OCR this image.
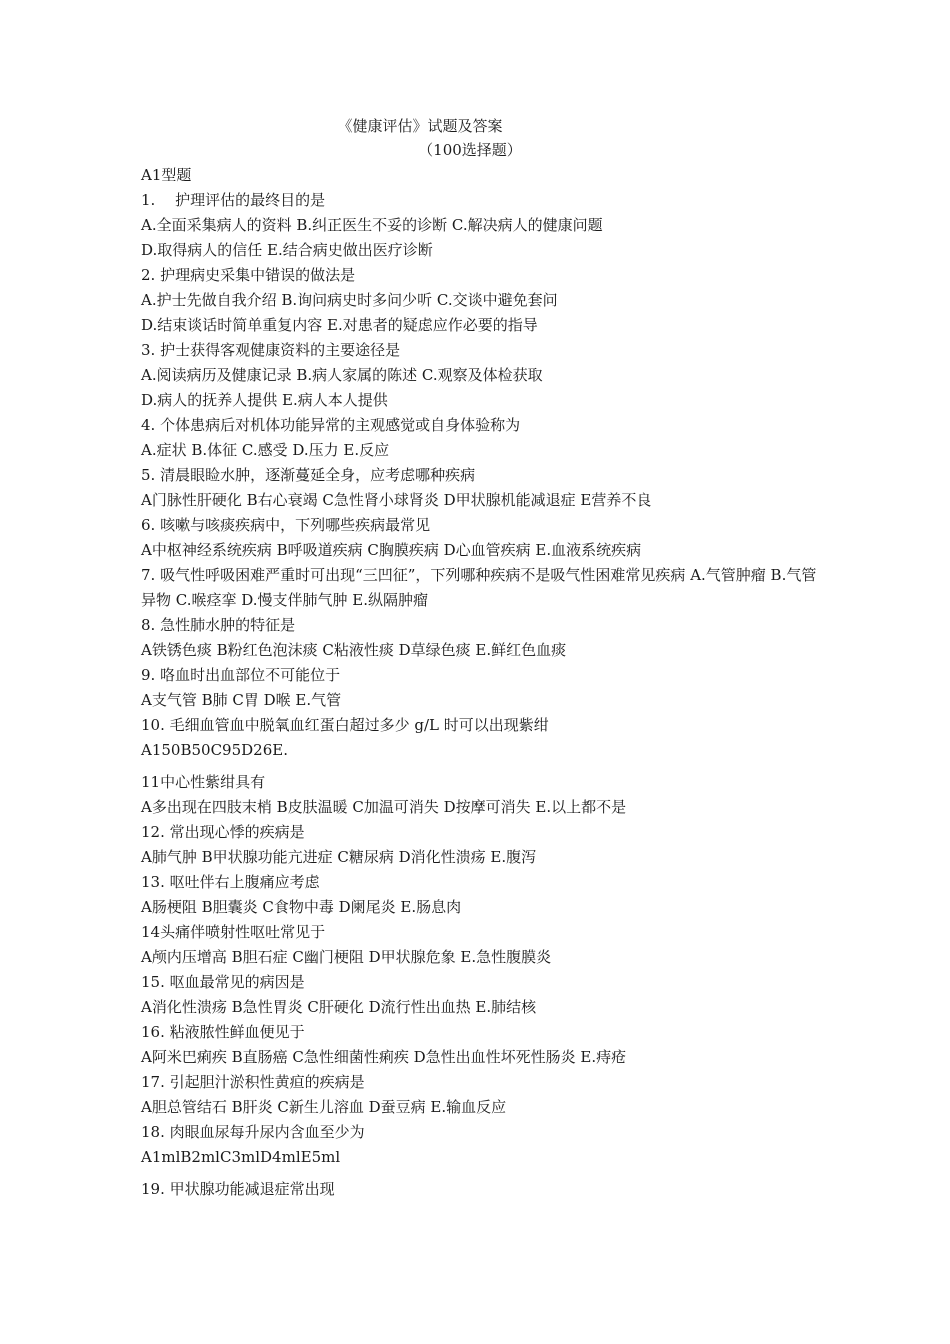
《健康评估》试题及答案
（100选择题）
A1型题
1.　 护理评估的最终目的是
A.全面采集病人的资料 B.纠正医生不妥的诊断 C.解决病人的健康问题
D.取得病人的信任 E.结合病史做出医疗诊断
2. 护理病史采集中错误的做法是
A.护士先做自我介绍 B.询问病史时多问少听 C.交谈中避免套问
D.结束谈话时简单重复内容 E.对患者的疑虑应作必要的指导
3. 护士获得客观健康资料的主要途径是
A.阅读病历及健康记录 B.病人家属的陈述 C.观察及体检获取
D.病人的抚养人提供 E.病人本人提供
4. 个体患病后对机体功能异常的主观感觉或自身体验称为
A.症状 B.体征 C.感受 D.压力 E.反应
5. 清晨眼睑水肿，逐渐蔓延全身，应考虑哪种疾病
A门脉性肝硬化 B右心衰竭 C急性肾小球肾炎 D甲状腺机能减退症 E营养不良
6. 咳嗽与咳痰疾病中，下列哪些疾病最常见
A中枢神经系统疾病 B呼吸道疾病 C胸膜疾病 D心血管疾病 E.血液系统疾病
7. 吸气性呼吸困难严重时可出现“三凹征”，下列哪种疾病不是吸气性困难常见疾病 A.气管肿瘤 B.气管异物 C.喉痉挛 D.慢支伴肺气肿 E.纵隔肿瘤
8. 急性肺水肿的特征是
A铁锈色痰 B粉红色泡沫痰 C粘液性痰 D草绿色痰 E.鲜红色血痰
9. 咯血时出血部位不可能位于
A支气管 B肺 C胃 D喉 E.气管
10. 毛细血管血中脱氧血红蛋白超过多少 g/L 时可以出现紫绀
A150B50C95D26E.
11中心性紫绀具有
A多出现在四肢末梢 B皮肤温暖 C加温可消失 D按摩可消失 E.以上都不是
12. 常出现心悸的疾病是
A肺气肿 B甲状腺功能亢进症 C糖尿病 D消化性溃疡 E.腹泻
13. 呕吐伴右上腹痛应考虑
A肠梗阻 B胆囊炎 C食物中毒 D阑尾炎 E.肠息肉
14头痛伴喷射性呕吐常见于
A颅内压增高 B胆石症 C幽门梗阻 D甲状腺危象 E.急性腹膜炎
15. 呕血最常见的病因是
A消化性溃疡 B急性胃炎 C肝硬化 D流行性出血热 E.肺结核
16. 粘液脓性鲜血便见于
A阿米巴痢疾 B直肠癌 C急性细菌性痢疾 D急性出血性坏死性肠炎 E.痔疮
17. 引起胆汁淤积性黄疸的疾病是
A胆总管结石 B肝炎 C新生儿溶血 D蚕豆病 E.输血反应
18. 肉眼血尿每升尿内含血至少为
A1mlB2mlC3mlD4mlE5ml
19. 甲状腺功能减退症常出现
